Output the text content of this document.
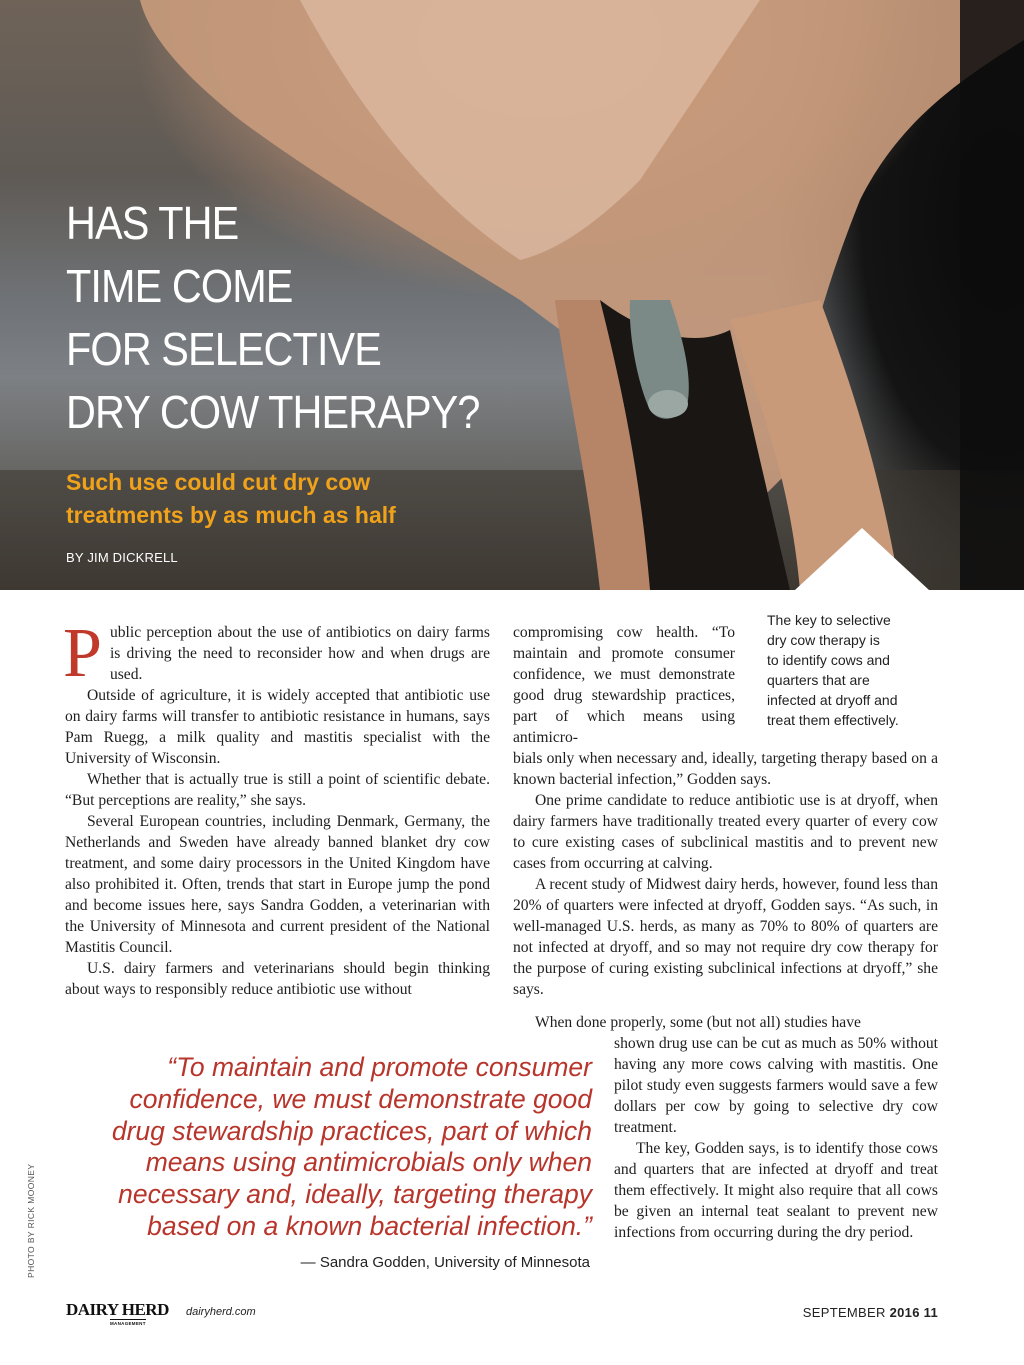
HAS THE
TIME COME
FOR SELECTIVE
DRY COW THERAPY?
Such use could cut dry cow
treatments by as much as half
BY JIM DICKRELL

Public perception about the use of antibiotics on dairy farms is driving the need to reconsider how and when drugs are used.

Outside of agriculture, it is widely accepted that antibiotic use on dairy farms will transfer to antibiotic resistance in humans, says Pam Ruegg, a milk quality and mastitis specialist with the University of Wisconsin.

Whether that is actually true is still a point of scientific debate. “But perceptions are reality,” she says.

Several European countries, including Denmark, Germany, the Netherlands and Sweden have already banned blanket dry cow treatment, and some dairy processors in the United Kingdom have also prohibited it. Often, trends that start in Europe jump the pond and become issues here, says Sandra Godden, a veterinarian with the University of Minnesota and current president of the National Mastitis Council.

U.S. dairy farmers and veterinarians should begin thinking about ways to responsibly reduce antibiotic use without

compromising cow health. “To maintain and promote consumer confidence, we must demonstrate good drug stewardship practices, part of which means using antimicro-

The key to selective
dry cow therapy is
to identify cows and
quarters that are
infected at dryoff and
treat them effectively.

bials only when necessary and, ideally, targeting therapy based on a known bacterial infection,” Godden says.

One prime candidate to reduce antibiotic use is at dryoff, when dairy farmers have traditionally treated every quarter of every cow to cure existing cases of subclinical mastitis and to prevent new cases from occurring at calving.

A recent study of Midwest dairy herds, however, found less than 20% of quarters were infected at dryoff, Godden says. “As such, in well-managed U.S. herds, as many as 70% to 80% of quarters are not infected at dryoff, and so may not require dry cow therapy for the purpose of curing existing subclinical infections at dryoff,” she says.

When done properly, some (but not all) studies have

shown drug use can be cut as much as 50% without having any more cows calving with mastitis. One pilot study even suggests farmers would save a few dollars per cow by going to selective dry cow treatment.

The key, Godden says, is to identify those cows and quarters that are infected at dryoff and treat them effectively. It might also require that all cows be given an internal teat sealant to prevent new infections from occurring during the dry period.

“To maintain and promote consumer
confidence, we must demonstrate good
drug stewardship practices, part of which
means using antimicrobials only when
necessary and, ideally, targeting therapy
based on a known bacterial infection.”
— Sandra Godden, University of Minnesota
PHOTO BY RICK MOONEY
DAIRY HERD
MANAGEMENT
dairyherd.com	SEPTEMBER 2016 11
